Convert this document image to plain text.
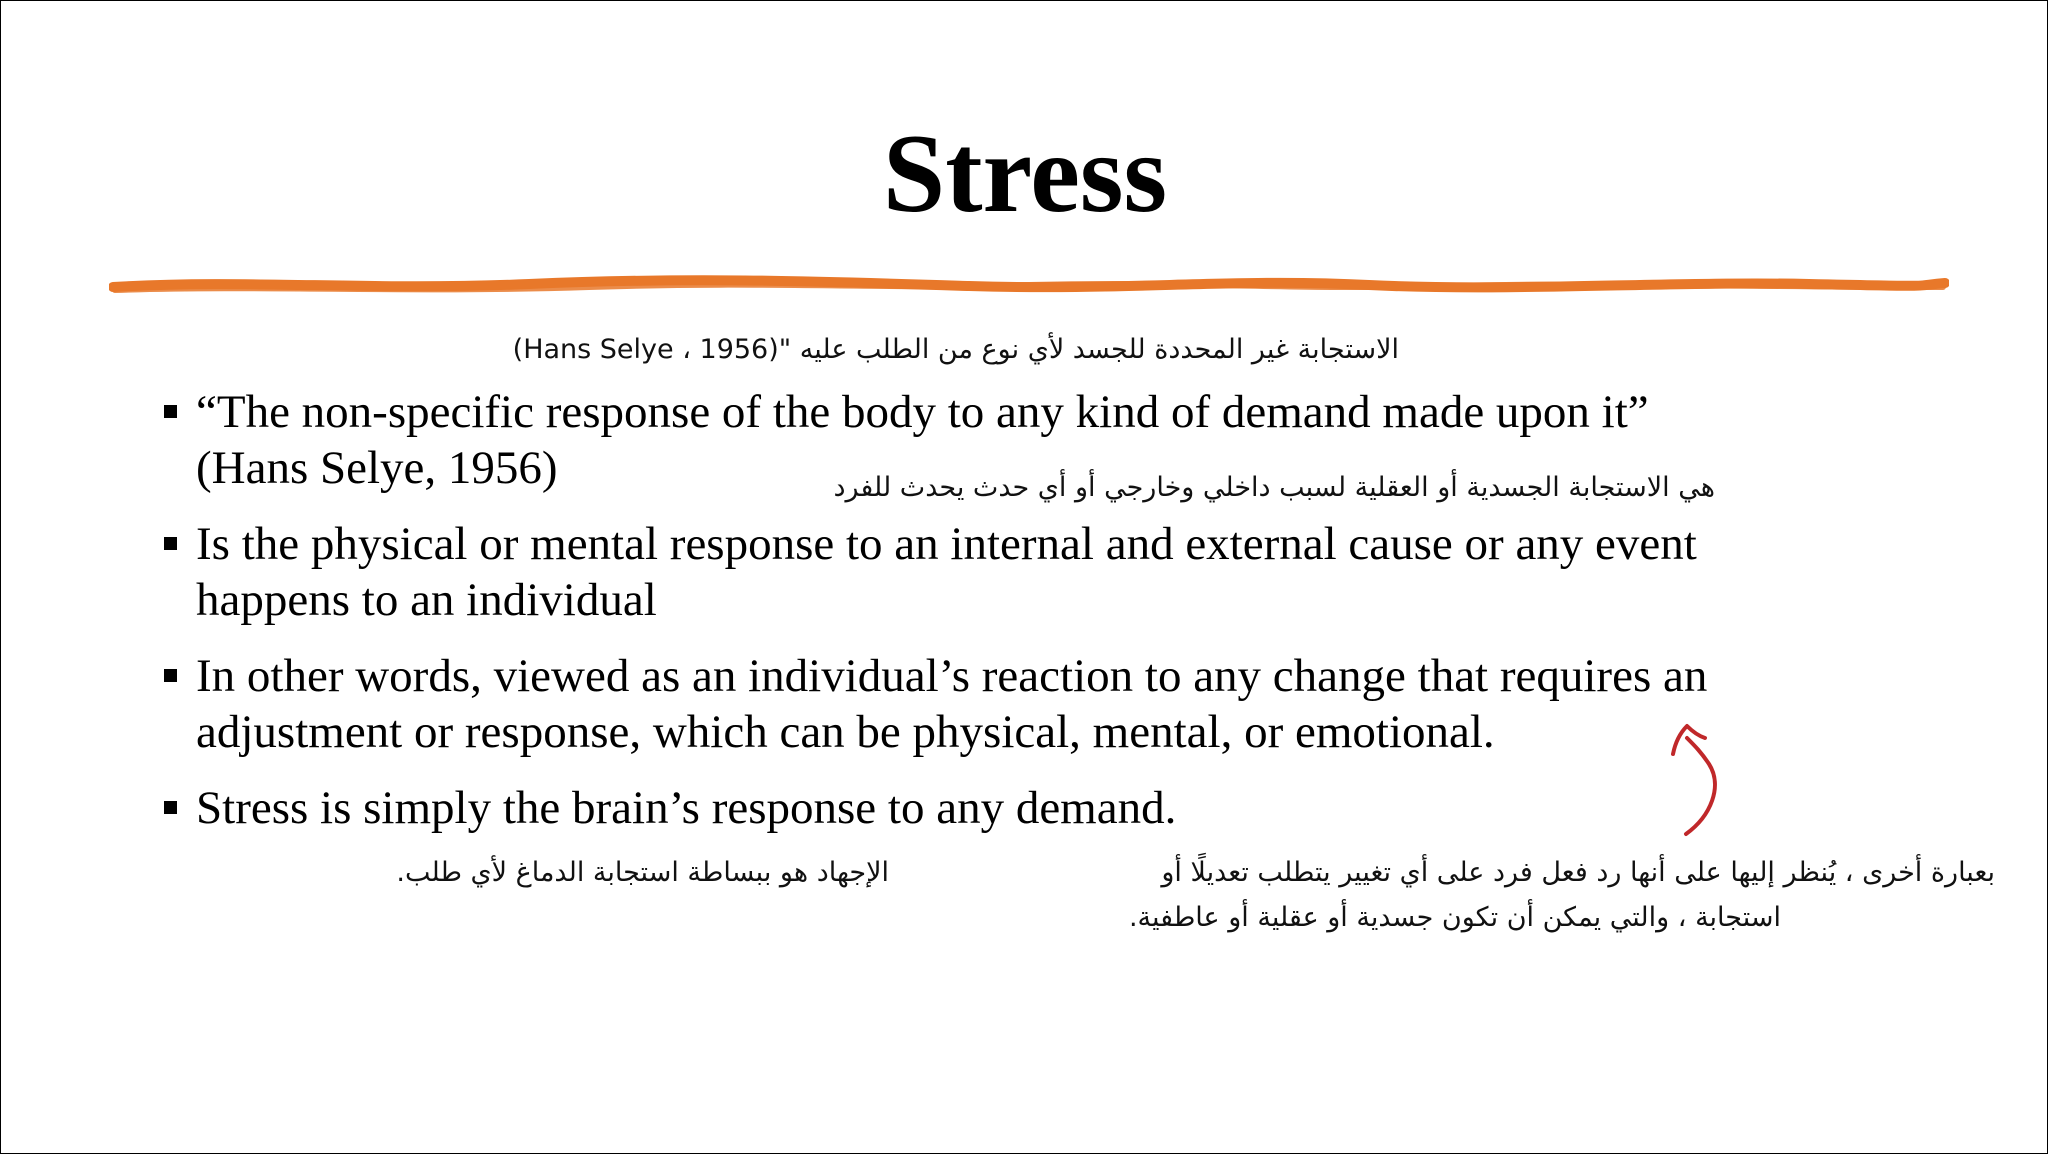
Stress

الاستجابة غير المحددة للجسد لأي نوع من الطلب عليه "(Hans Selye ، 1956)

“The non-specific response of the body to any kind of demand made upon it”
(Hans Selye, 1956)
Is the physical or mental response to an internal and external cause or any event
happens to an individual
In other words, viewed as an individual’s reaction to any change that requires an
adjustment or response, which can be physical, mental, or emotional.
Stress is simply the brain’s response to any demand.

هي الاستجابة الجسدية أو العقلية لسبب داخلي وخارجي أو أي حدث يحدث للفرد

الإجهاد هو ببساطة استجابة الدماغ لأي طلب.	بعبارة أخرى ، يُنظر إليها على أنها رد فعل فرد على أي تغيير يتطلب تعديلًا أو

استجابة ، والتي يمكن أن تكون جسدية أو عقلية أو عاطفية.
